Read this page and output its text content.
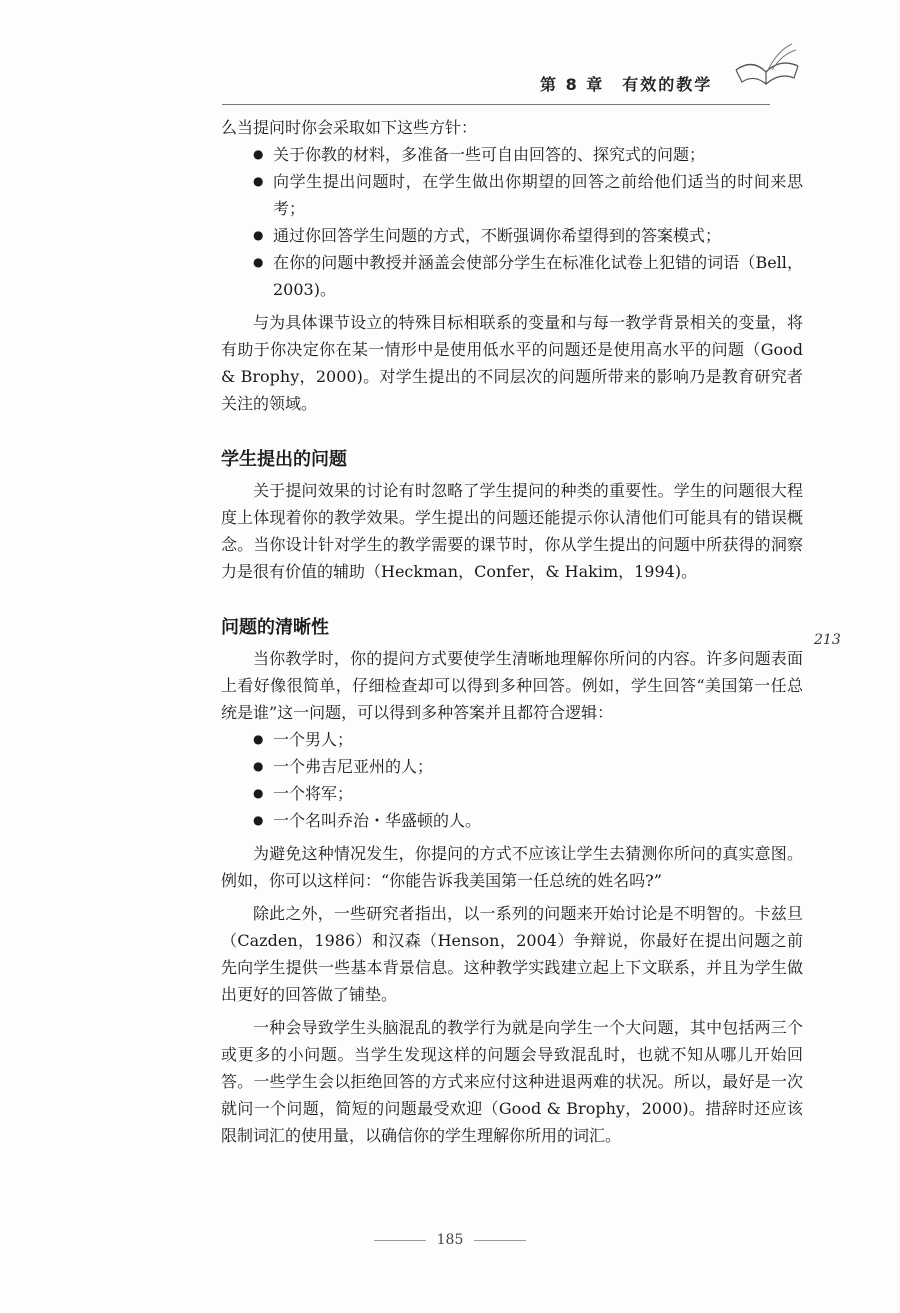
第 8 章 有效的教学

么当提问时你会采取如下这些方针：

● 关于你教的材料，多准备一些可自由回答的、探究式的问题；
● 向学生提出问题时，在学生做出你期望的回答之前给他们适当的时间来思考；
● 通过你回答学生问题的方式，不断强调你希望得到的答案模式；
● 在你的问题中教授并涵盖会使部分学生在标准化试卷上犯错的词语（Bell，2003)。

与为具体课节设立的特殊目标相联系的变量和与每一教学背景相关的变量，将有助于你决定你在某一情形中是使用低水平的问题还是使用高水平的问题（Good & Brophy，2000)。对学生提出的不同层次的问题所带来的影响乃是教育研究者关注的领域。

学生提出的问题

关于提问效果的讨论有时忽略了学生提问的种类的重要性。学生的问题很大程度上体现着你的教学效果。学生提出的问题还能提示你认清他们可能具有的错误概念。当你设计针对学生的教学需要的课节时，你从学生提出的问题中所获得的洞察力是很有价值的辅助（Heckman，Confer，& Hakim，1994)。

问题的清晰性

当你教学时，你的提问方式要使学生清晰地理解你所问的内容。许多问题表面上看好像很简单，仔细检查却可以得到多种回答。例如，学生回答“美国第一任总统是谁”这一问题，可以得到多种答案并且都符合逻辑：

● 一个男人；
● 一个弗吉尼亚州的人；
● 一个将军；
● 一个名叫乔治・华盛顿的人。

为避免这种情况发生，你提问的方式不应该让学生去猜测你所问的真实意图。例如，你可以这样问：“你能告诉我美国第一任总统的姓名吗?”

除此之外，一些研究者指出，以一系列的问题来开始讨论是不明智的。卡兹旦（Cazden，1986）和汉森（Henson，2004）争辩说，你最好在提出问题之前先向学生提供一些基本背景信息。这种教学实践建立起上下文联系，并且为学生做出更好的回答做了铺垫。

一种会导致学生头脑混乱的教学行为就是向学生一个大问题，其中包括两三个或更多的小问题。当学生发现这样的问题会导致混乱时，也就不知从哪儿开始回答。一些学生会以拒绝回答的方式来应付这种进退两难的状况。所以，最好是一次就问一个问题，简短的问题最受欢迎（Good & Brophy，2000)。措辞时还应该限制词汇的使用量，以确信你的学生理解你所用的词汇。

213
185
